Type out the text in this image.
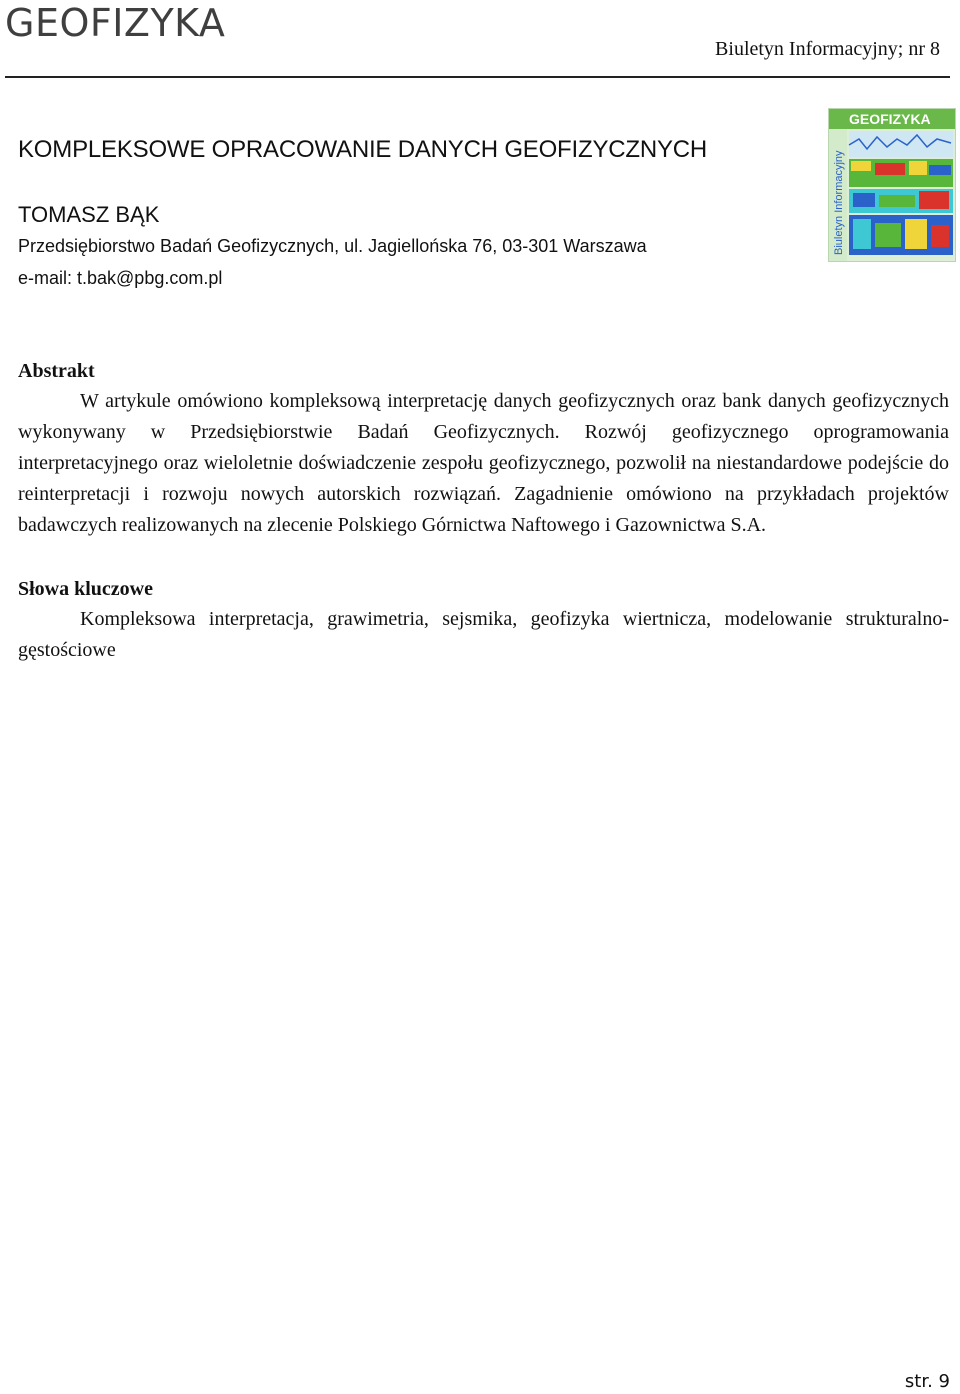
GEOFIZYKA
Biuletyn Informacyjny; nr 8
GEOFIZYKA
Biuletyn Informacyjny
KOMPLEKSOWE OPRACOWANIE DANYCH GEOFIZYCZNYCH
TOMASZ BĄK
Przedsiębiorstwo Badań Geofizycznych, ul. Jagiellońska 76, 03-301 Warszawa
e-mail: t.bak@pbg.com.pl
Abstrakt
W artykule omówiono kompleksową interpretację danych geofizycznych oraz bank danych geofizycznych wykonywany w Przedsiębiorstwie Badań Geofizycznych. Rozwój geofizycznego oprogramowania interpretacyjnego oraz wieloletnie doświadczenie zespołu geofizycznego, pozwolił na niestandardowe podejście do reinterpretacji i rozwoju nowych autorskich rozwiązań. Zagadnienie omówiono na przykładach projektów badawczych realizowanych na zlecenie Polskiego Górnictwa Naftowego i Gazownictwa S.A.
Słowa kluczowe
Kompleksowa interpretacja, grawimetria, sejsmika, geofizyka wiertnicza, modelowanie strukturalno-gęstościowe
str. 9
